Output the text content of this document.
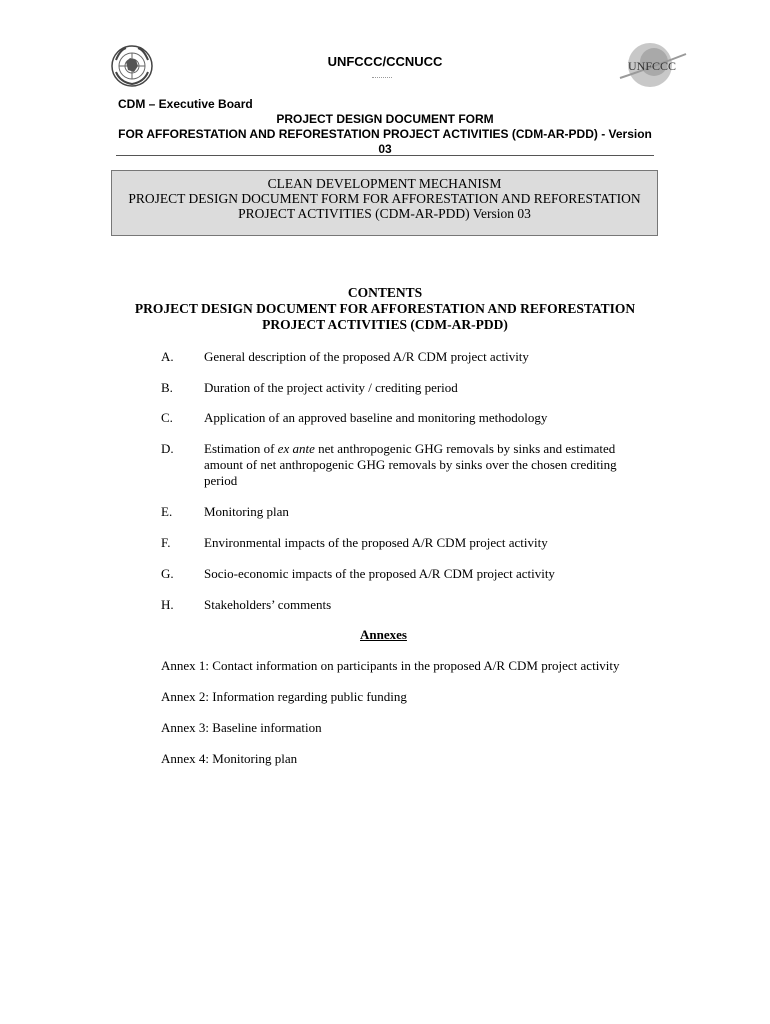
UNFCCC/CCNUCC	UNFCCC
CDM – Executive Board
PROJECT DESIGN DOCUMENT FORM
FOR AFFORESTATION AND REFORESTATION PROJECT ACTIVITIES (CDM-AR-PDD) - Version
03
CLEAN DEVELOPMENT MECHANISM
PROJECT DESIGN DOCUMENT FORM FOR AFFORESTATION AND REFORESTATION
PROJECT ACTIVITIES (CDM-AR-PDD) Version 03
CONTENTS
PROJECT DESIGN DOCUMENT FOR AFFORESTATION AND REFORESTATION
PROJECT ACTIVITIES (CDM-AR-PDD)
A. General description of the proposed A/R CDM project activity
B. Duration of the project activity / crediting period
C. Application of an approved baseline and monitoring methodology
D. Estimation of ex ante net anthropogenic GHG removals by sinks and estimated amount of net anthropogenic GHG removals by sinks over the chosen crediting period
E. Monitoring plan
F.	Environmental impacts of the proposed A/R CDM project activity
G. Socio-economic impacts of the proposed A/R CDM project activity
H. Stakeholders’ comments
Annexes
Annex 1: Contact information on participants in the proposed A/R CDM project activity
Annex 2: Information regarding public funding
Annex 3: Baseline information
Annex 4: Monitoring plan
